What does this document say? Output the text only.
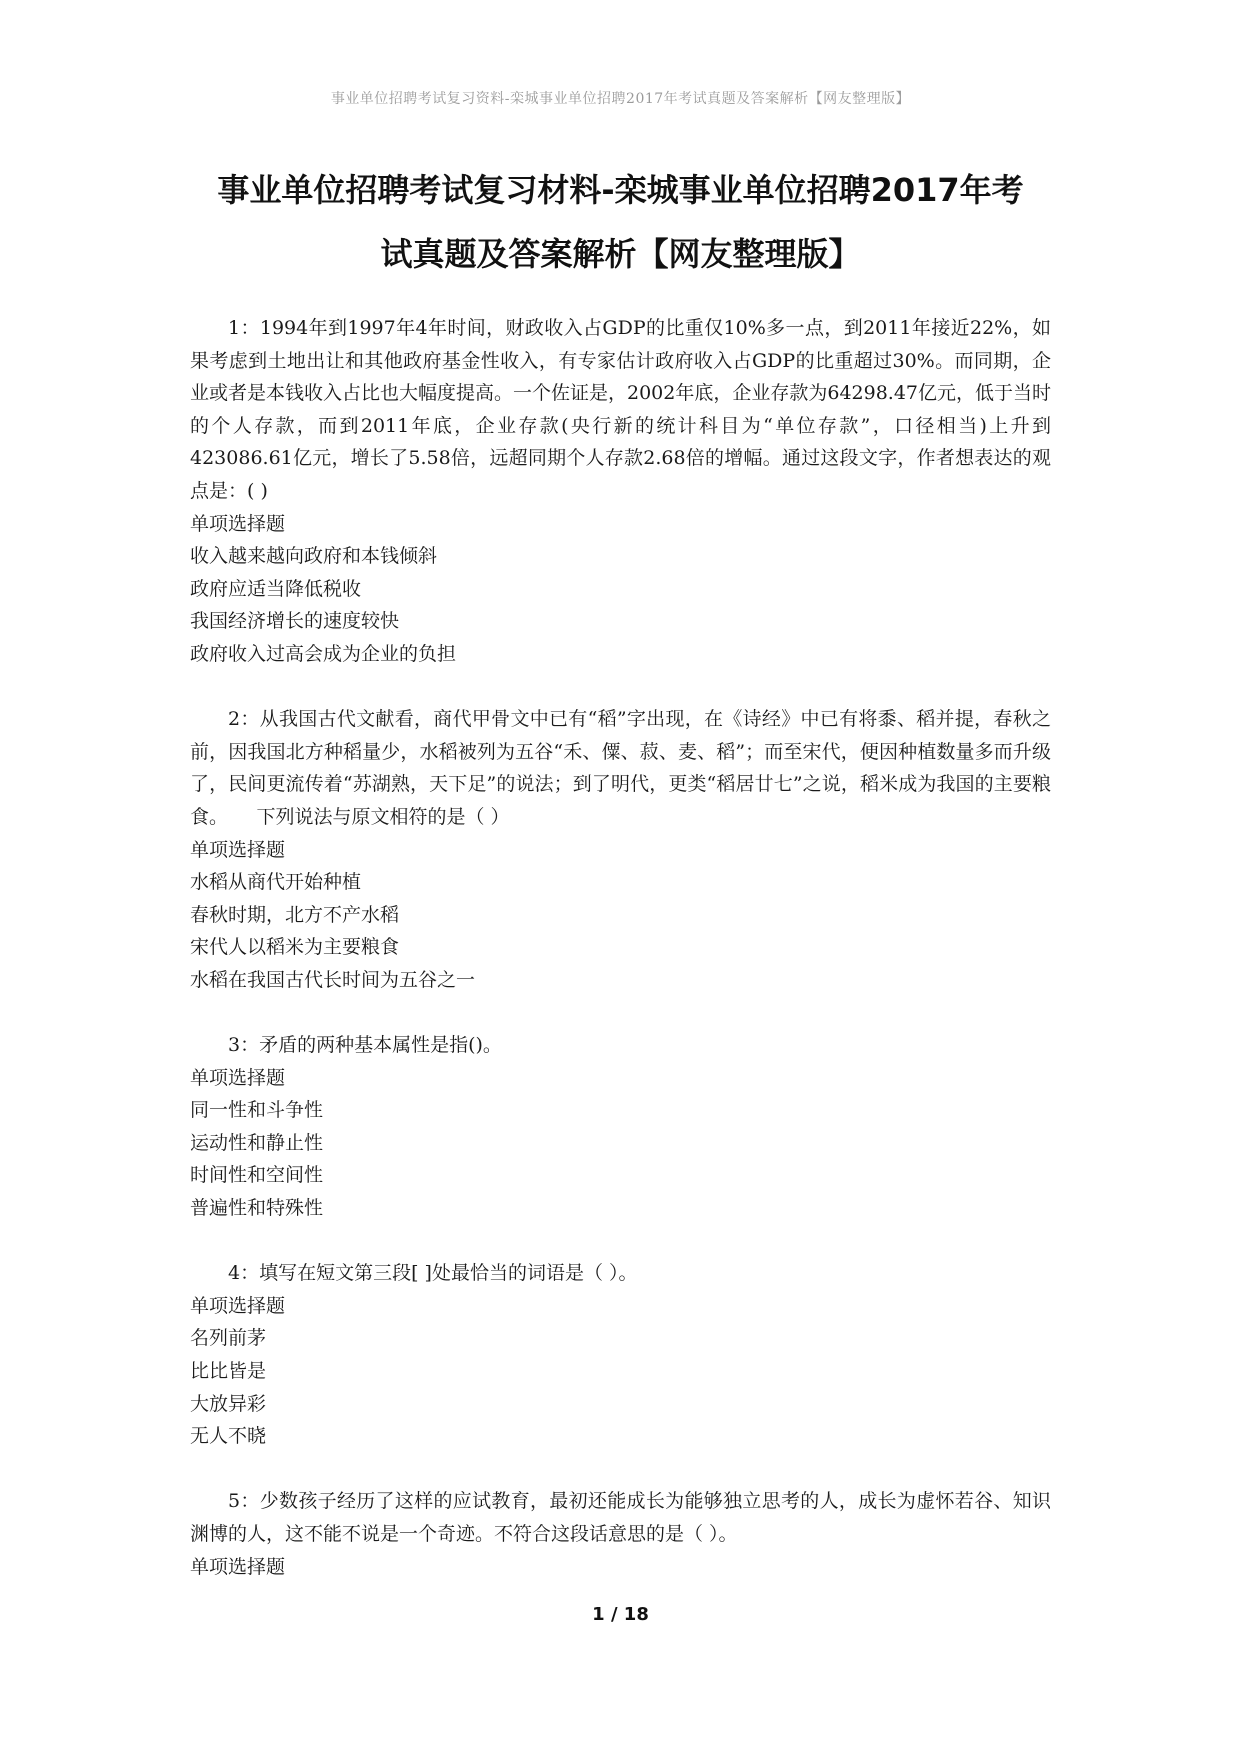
事业单位招聘考试复习资料-栾城事业单位招聘2017年考试真题及答案解析【网友整理版】
事业单位招聘考试复习材料-栾城事业单位招聘2017年考
试真题及答案解析【网友整理版】
1：1994年到1997年4年时间，财政收入占GDP的比重仅10%多一点，到2011年接近22%，如果考虑到土地出让和其他政府基金性收入，有专家估计政府收入占GDP的比重超过30%。而同期，企业或者是本钱收入占比也大幅度提高。一个佐证是，2002年底，企业存款为64298.47亿元，低于当时的个人存款，而到2011年底，企业存款(央行新的统计科目为“单位存款”，口径相当)上升到423086.61亿元，增长了5.58倍，远超同期个人存款2.68倍的增幅。通过这段文字，作者想表达的观点是：( )
单项选择题
收入越来越向政府和本钱倾斜
政府应适当降低税收
我国经济增长的速度较快
政府收入过高会成为企业的负担
2：从我国古代文献看，商代甲骨文中已有“稻”字出现，在《诗经》中已有将黍、稻并提，春秋之前，因我国北方种稻量少，水稻被列为五谷“禾、僳、菽、麦、稻”；而至宋代，便因种植数量多而升级了，民间更流传着“苏湖熟，天下足”的说法；到了明代，更类“稻居廿七”之说，稻米成为我国的主要粮食。　　下列说法与原文相符的是（ ）
单项选择题
水稻从商代开始种植
春秋时期，北方不产水稻
宋代人以稻米为主要粮食
水稻在我国古代长时间为五谷之一
3：矛盾的两种基本属性是指()。
单项选择题
同一性和斗争性
运动性和静止性
时间性和空间性
普遍性和特殊性
4：填写在短文第三段[ ]处最恰当的词语是（ ）。
单项选择题
名列前茅
比比皆是
大放异彩
无人不晓
5：少数孩子经历了这样的应试教育，最初还能成长为能够独立思考的人，成长为虚怀若谷、知识渊博的人，这不能不说是一个奇迹。不符合这段话意思的是（ ）。
单项选择题
1 / 18
